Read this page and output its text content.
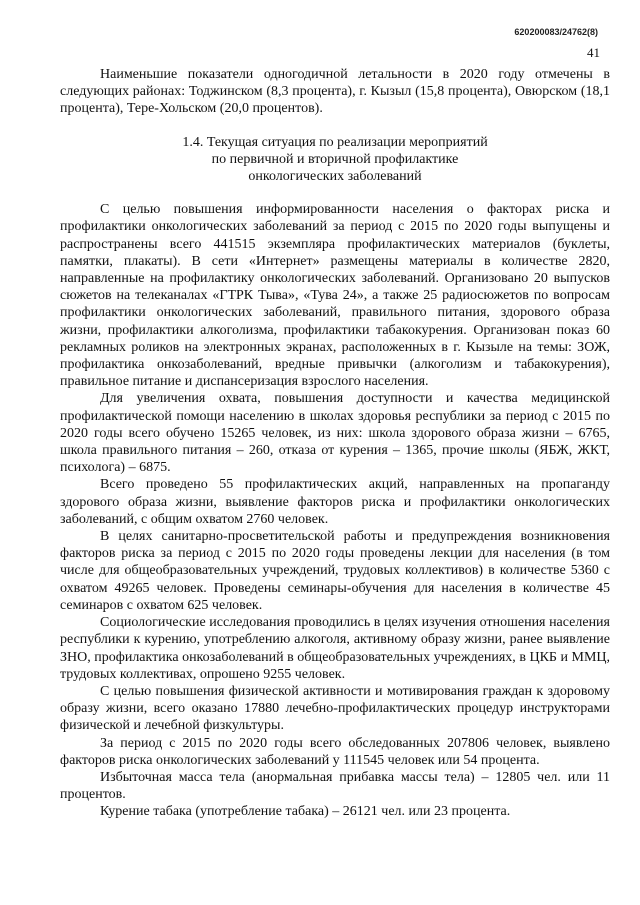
620200083/24762(8)
41

Наименьшие показатели одногодичной летальности в 2020 году отмечены в следующих районах: Тоджинском (8,3 процента), г. Кызыл (15,8 процента), Овюрском (18,1 процента), Тере-Хольском (20,0 процентов).

1.4. Текущая ситуация по реализации мероприятий
по первичной и вторичной профилактике
онкологических заболеваний

С целью повышения информированности населения о факторах риска и профилактики онкологических заболеваний за период с 2015 по 2020 годы выпущены и распространены всего 441515 экземпляра профилактических материалов (буклеты, памятки, плакаты). В сети «Интернет» размещены материалы в количестве 2820, направленные на профилактику онкологических заболеваний. Организовано 20 выпусков сюжетов на телеканалах «ГТРК Тыва», «Тува 24», а также 25 радиосюжетов по вопросам профилактики онкологических заболеваний, правильного питания, здорового образа жизни, профилактики алкоголизма, профилактики табакокурения. Организован показ 60 рекламных роликов на электронных экранах, расположенных в г. Кызыле на темы: ЗОЖ, профилактика онкозаболеваний, вредные привычки (алкоголизм и табакокурения), правильное питание и диспансеризация взрослого населения.

Для увеличения охвата, повышения доступности и качества медицинской профилактической помощи населению в школах здоровья республики за период с 2015 по 2020 годы всего обучено 15265 человек, из них: школа здорового образа жизни – 6765, школа правильного питания – 260, отказа от курения – 1365, прочие школы (ЯБЖ, ЖКТ, психолога) – 6875.

Всего проведено 55 профилактических акций, направленных на пропаганду здорового образа жизни, выявление факторов риска и профилактики онкологических заболеваний, с общим охватом 2760 человек.

В целях санитарно-просветительской работы и предупреждения возникновения факторов риска за период с 2015 по 2020 годы проведены лекции для населения (в том числе для общеобразовательных учреждений, трудовых коллективов) в количестве 5360 с охватом 49265 человек. Проведены семинары-обучения для населения в количестве 45 семинаров с охватом 625 человек.

Социологические исследования проводились в целях изучения отношения населения республики к курению, употреблению алкоголя, активному образу жизни, ранее выявление ЗНО, профилактика онкозаболеваний в общеобразовательных учреждениях, в ЦКБ и ММЦ, трудовых коллективах, опрошено 9255 человек.

С целью повышения физической активности и мотивирования граждан к здоровому образу жизни, всего оказано 17880 лечебно-профилактических процедур инструкторами физической и лечебной физкультуры.

За период с 2015 по 2020 годы всего обследованных 207806 человек, выявлено факторов риска онкологических заболеваний у 111545 человек или 54 процента.

Избыточная масса тела (анормальная прибавка массы тела) – 12805 чел. или 11 процентов.

Курение табака (употребление табака) – 26121 чел. или 23 процента.
